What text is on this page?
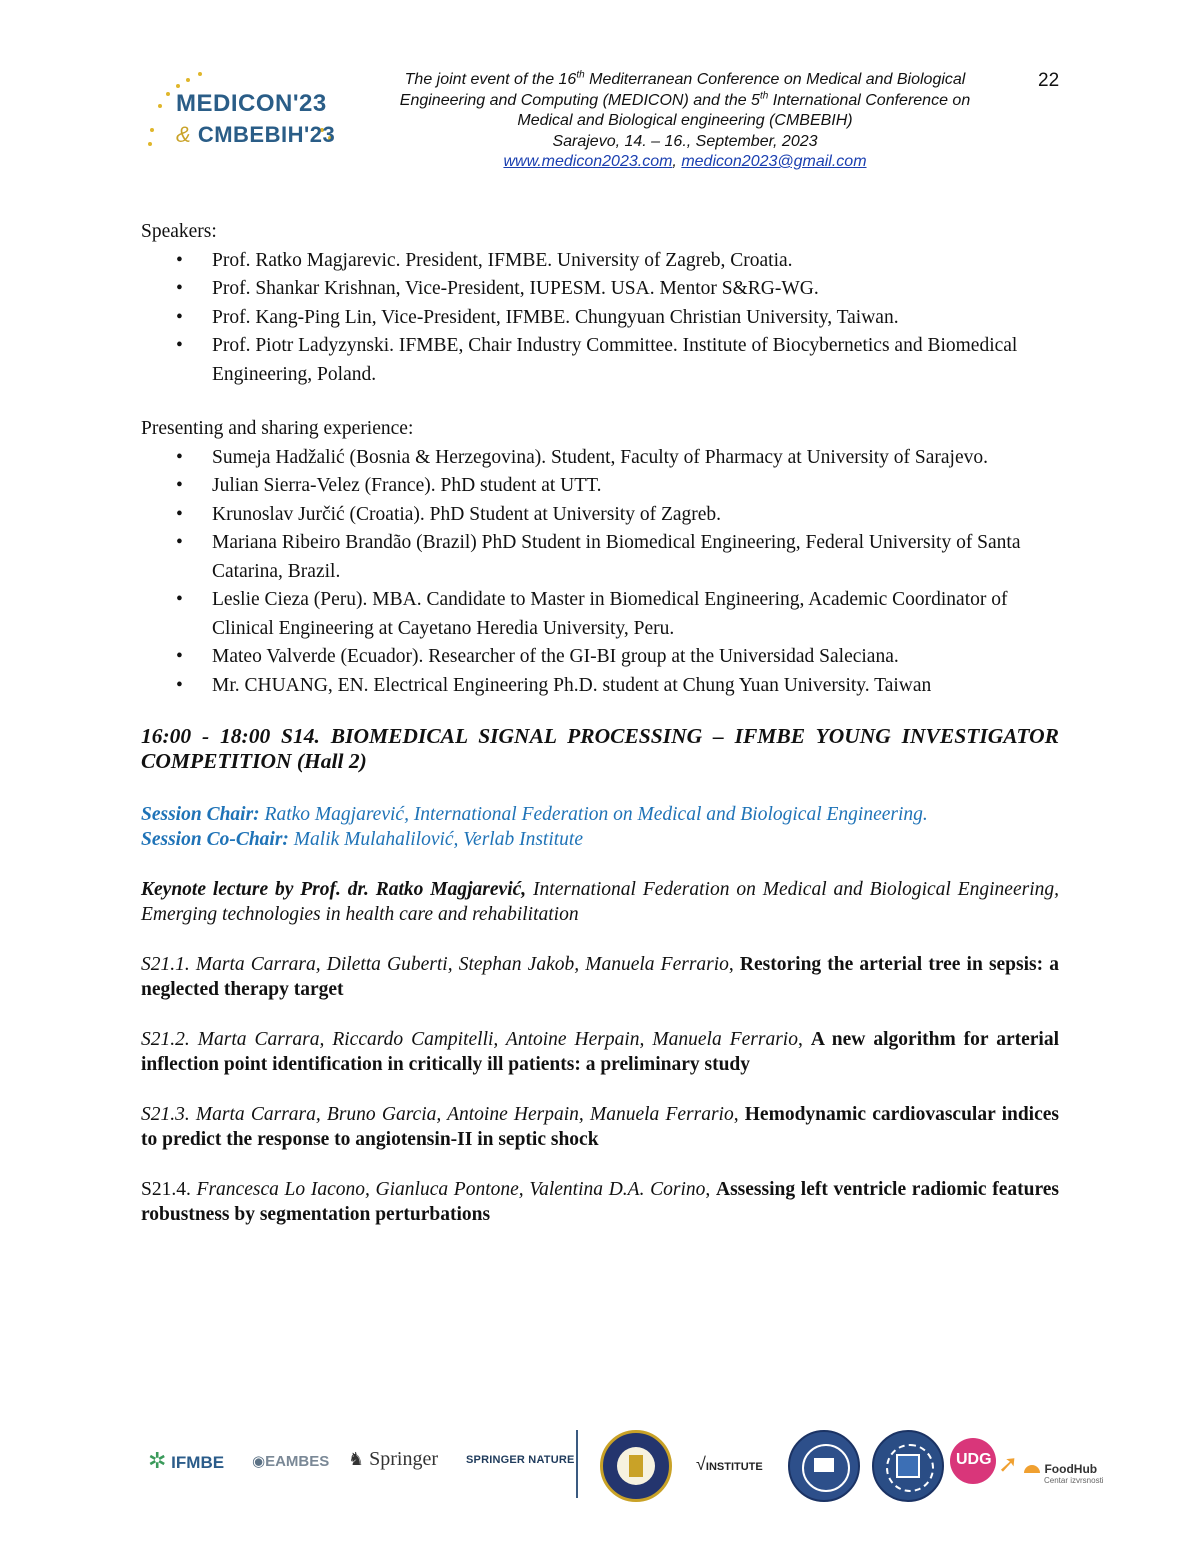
MEDICON'23
& CMBEBIH'23
The joint event of the 16th Mediterranean Conference on Medical and Biological
Engineering and Computing (MEDICON) and the 5th International Conference on
Medical and Biological engineering (CMBEBIH)
Sarajevo, 14. – 16., September, 2023
www.medicon2023.com, medicon2023@gmail.com
22

Speakers:

• Prof. Ratko Magjarevic. President, IFMBE. University of Zagreb, Croatia.
• Prof. Shankar Krishnan, Vice-President, IUPESM. USA. Mentor S&RG-WG.
• Prof. Kang-Ping Lin, Vice-President, IFMBE. Chungyuan Christian University, Taiwan.
• Prof. Piotr Ladyzynski. IFMBE, Chair Industry Committee. Institute of Biocybernetics and Biomedical Engineering, Poland.

Presenting and sharing experience:

• Sumeja Hadžalić (Bosnia & Herzegovina). Student, Faculty of Pharmacy at University of Sarajevo.
• Julian Sierra-Velez (France). PhD student at UTT.
• Krunoslav Jurčić (Croatia). PhD Student at University of Zagreb.
• Mariana Ribeiro Brandão (Brazil) PhD Student in Biomedical Engineering, Federal University of Santa Catarina, Brazil.
• Leslie Cieza (Peru). MBA. Candidate to Master in Biomedical Engineering, Academic Coordinator of Clinical Engineering at Cayetano Heredia University, Peru.
• Mateo Valverde (Ecuador). Researcher of the GI-BI group at the Universidad Saleciana.
• Mr. CHUANG, EN. Electrical Engineering Ph.D. student at Chung Yuan University. Taiwan
16:00 - 18:00 S14. BIOMEDICAL SIGNAL PROCESSING – IFMBE YOUNG INVESTIGATOR COMPETITION (Hall 2)
Session Chair: Ratko Magjarević, International Federation on Medical and Biological Engineering.
Session Co-Chair: Malik Mulahalilović, Verlab Institute
Keynote lecture by Prof. dr. Ratko Magjarević, International Federation on Medical and Biological Engineering, Emerging technologies in health care and rehabilitation
S21.1. Marta Carrara, Diletta Guberti, Stephan Jakob, Manuela Ferrario, Restoring the arterial tree in sepsis: a neglected therapy target
S21.2. Marta Carrara, Riccardo Campitelli, Antoine Herpain, Manuela Ferrario, A new algorithm for arterial inflection point identification in critically ill patients: a preliminary study
S21.3. Marta Carrara, Bruno Garcia, Antoine Herpain, Manuela Ferrario, Hemodynamic cardiovascular indices to predict the response to angiotensin-II in septic shock
S21.4. Francesca Lo Iacono, Gianluca Pontone, Valentina D.A. Corino, Assessing left ventricle radiomic features robustness by segmentation perturbations
✲ IFMBE ◉EAMBES ♞ Springer	SPRINGER NATURE	√INSTITUTE	UDG ➚	FoodHub
Centar izvrsnosti
